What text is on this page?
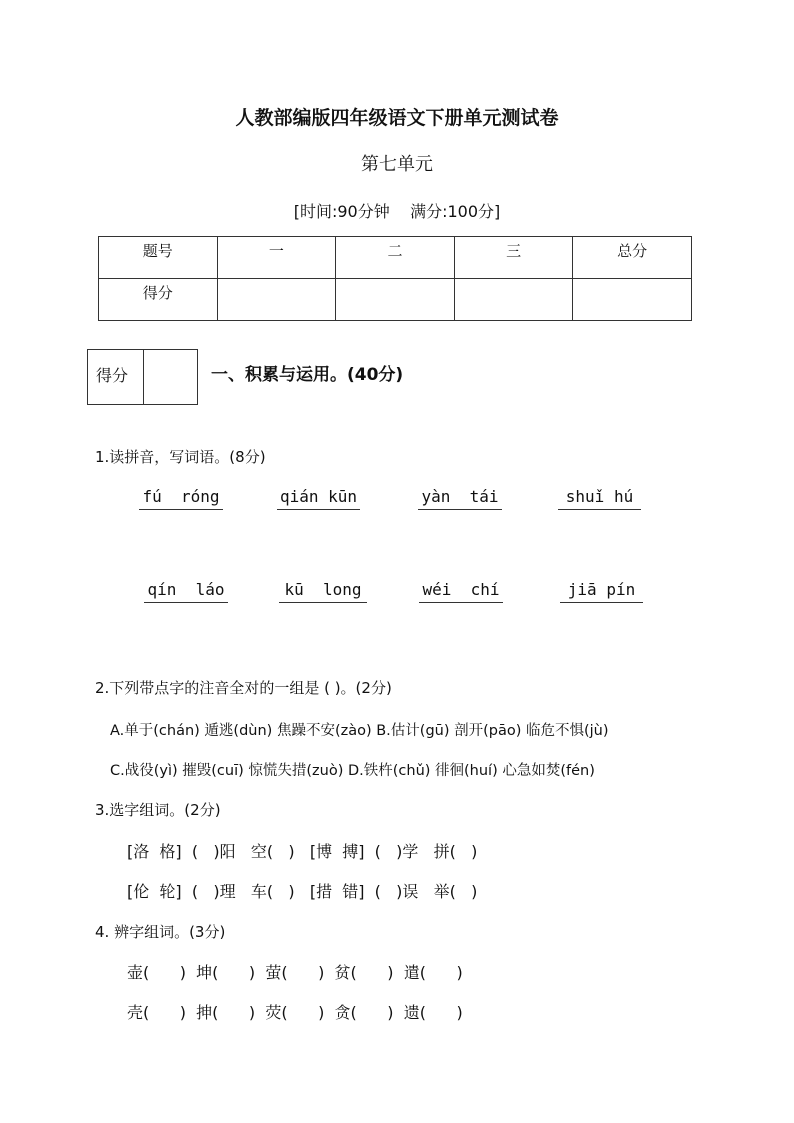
人教部编版四年级语文下册单元测试卷
第七单元
[时间:90分钟    满分:100分]
题号	一	二	三	总分
得分				
得分	一、积累与运用。(40分)
1.读拼音，写词语。(8分)
fú  róng	qián kūn	yàn  tái	shuǐ hú
qín  láo	kū  long	wéi  chí	jiā pín
2.下列带点字的注音全对的一组是 ( )。(2分)
A.单于(chán) 遁逃(dùn) 焦躁不安(zào) B.估计(gū) 剖开(pāo) 临危不惧(jù)
C.战役(yì) 摧毁(cuī) 惊慌失措(zuò) D.铁杵(chǔ) 徘徊(huí) 心急如焚(fén)
3.选字组词。(2分)
[洛  格]  (   )阳   空(   )   [博  搏]  (   )学   拼(   )
[伦  轮]  (   )理   车(   )   [措  错]  (   )误   举(   )
4. 辨字组词。(3分)
壶(      )  坤(      )  萤(      )  贫(      )  遣(      )
壳(      )  抻(      )  荧(      )  贪(      )  遗(      )
